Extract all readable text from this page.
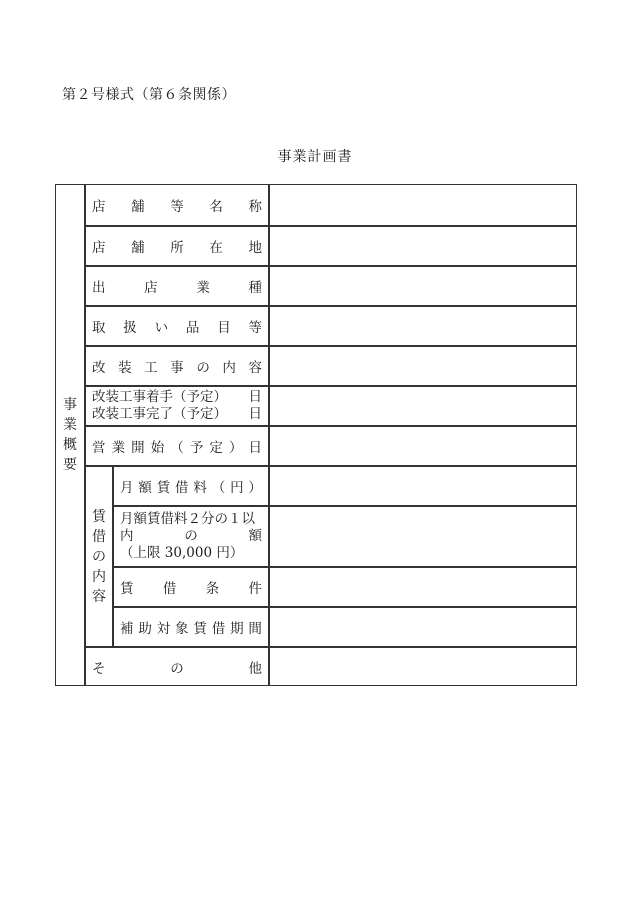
第２号様式（第６条関係）
事業計画書
事
業
概
要
店 舗 等 名 称
店 舗 所 在 地
出	店	業	種
取 扱 い 品 目 等
改 装 工 事 の 内 容
改装工事着手（予定） 日
改装工事完了（予定） 日
営 業 開 始 （ 予 定 ） 日
賃
借
の
内
容
月 額 賃 借 料 （ 円 ）
月額賃借料２分の１以
内	の	額
（上限 30,000 円）
賃 借 条 件
補 助 対 象 賃 借 期 間
そ	の	他
